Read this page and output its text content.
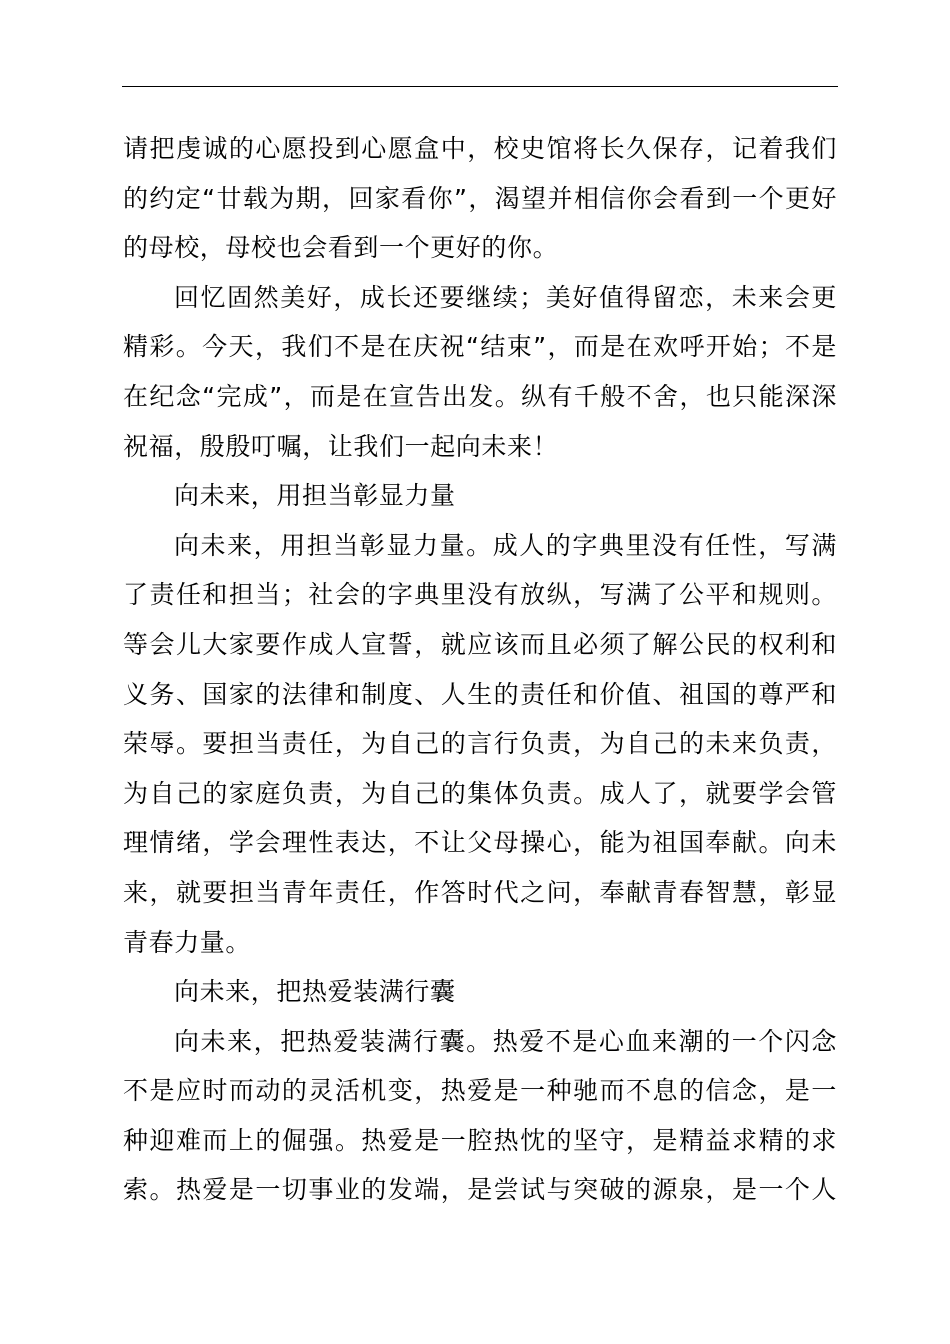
请把虔诚的心愿投到心愿盒中，校史馆将长久保存，记着我们
的约定“廿载为期，回家看你”，渴望并相信你会看到一个更好
的母校，母校也会看到一个更好的你。
回忆固然美好，成长还要继续；美好值得留恋，未来会更
精彩。今天，我们不是在庆祝“结束”，而是在欢呼开始；不是
在纪念“完成”，而是在宣告出发。纵有千般不舍，也只能深深
祝福，殷殷叮嘱，让我们一起向未来！
向未来，用担当彰显力量
向未来，用担当彰显力量。成人的字典里没有任性，写满
了责任和担当；社会的字典里没有放纵，写满了公平和规则。
等会儿大家要作成人宣誓，就应该而且必须了解公民的权利和
义务、国家的法律和制度、人生的责任和价值、祖国的尊严和
荣辱。要担当责任，为自己的言行负责，为自己的未来负责，
为自己的家庭负责，为自己的集体负责。成人了，就要学会管
理情绪，学会理性表达，不让父母操心，能为祖国奉献。向未
来，就要担当青年责任，作答时代之问，奉献青春智慧，彰显
青春力量。
向未来，把热爱装满行囊
向未来，把热爱装满行囊。热爱不是心血来潮的一个闪念
不是应时而动的灵活机变，热爱是一种驰而不息的信念，是一
种迎难而上的倔强。热爱是一腔热忱的坚守，是精益求精的求
索。热爱是一切事业的发端，是尝试与突破的源泉，是一个人
